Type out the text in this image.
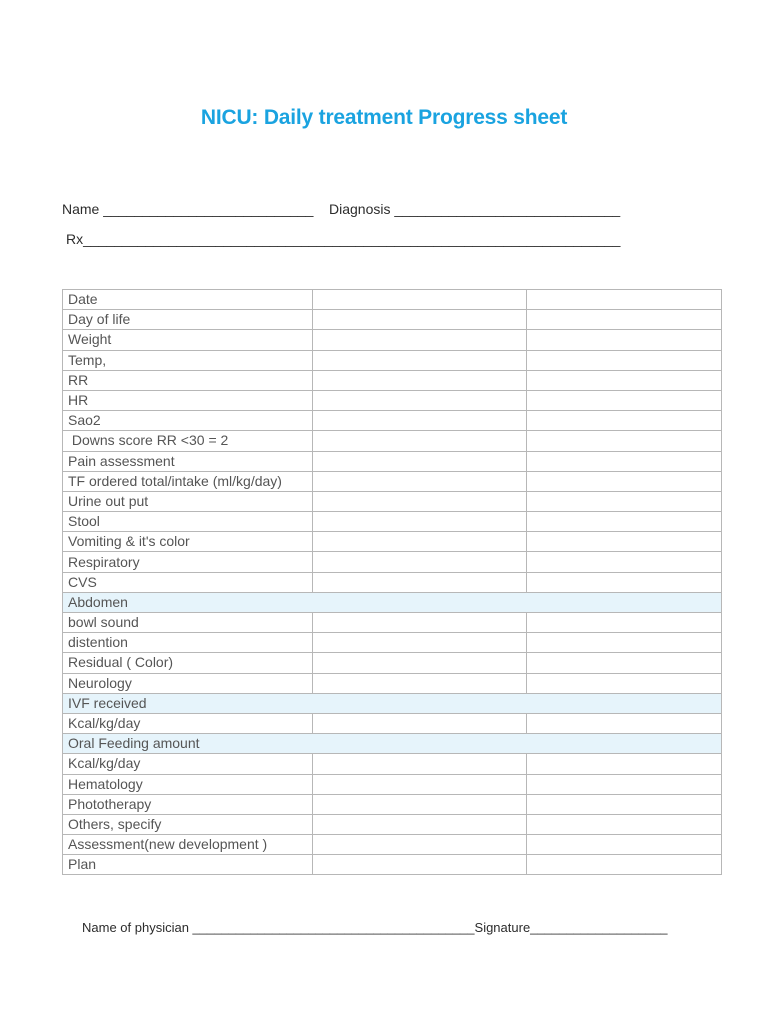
NICU: Daily treatment Progress sheet
Name ___________________________    Diagnosis _____________________________
Rx_____________________________________________________________________
Date		
Day of life		
Weight		
Temp,		
RR		
HR		
Sao2		
Downs score RR <30 = 2		
Pain assessment		
TF ordered total/intake (ml/kg/day)		
Urine out put		
Stool		
Vomiting & it's color		
Respiratory		
CVS		
Abdomen		
bowl sound		
distention		
Residual ( Color)		
Neurology		
IVF received		
Kcal/kg/day		
Oral Feeding amount		
Kcal/kg/day		
Hematology		
Phototherapy		
Others, specify		
Assessment(new development )		
Plan		
Name of physician _______________________________________Signature___________________
